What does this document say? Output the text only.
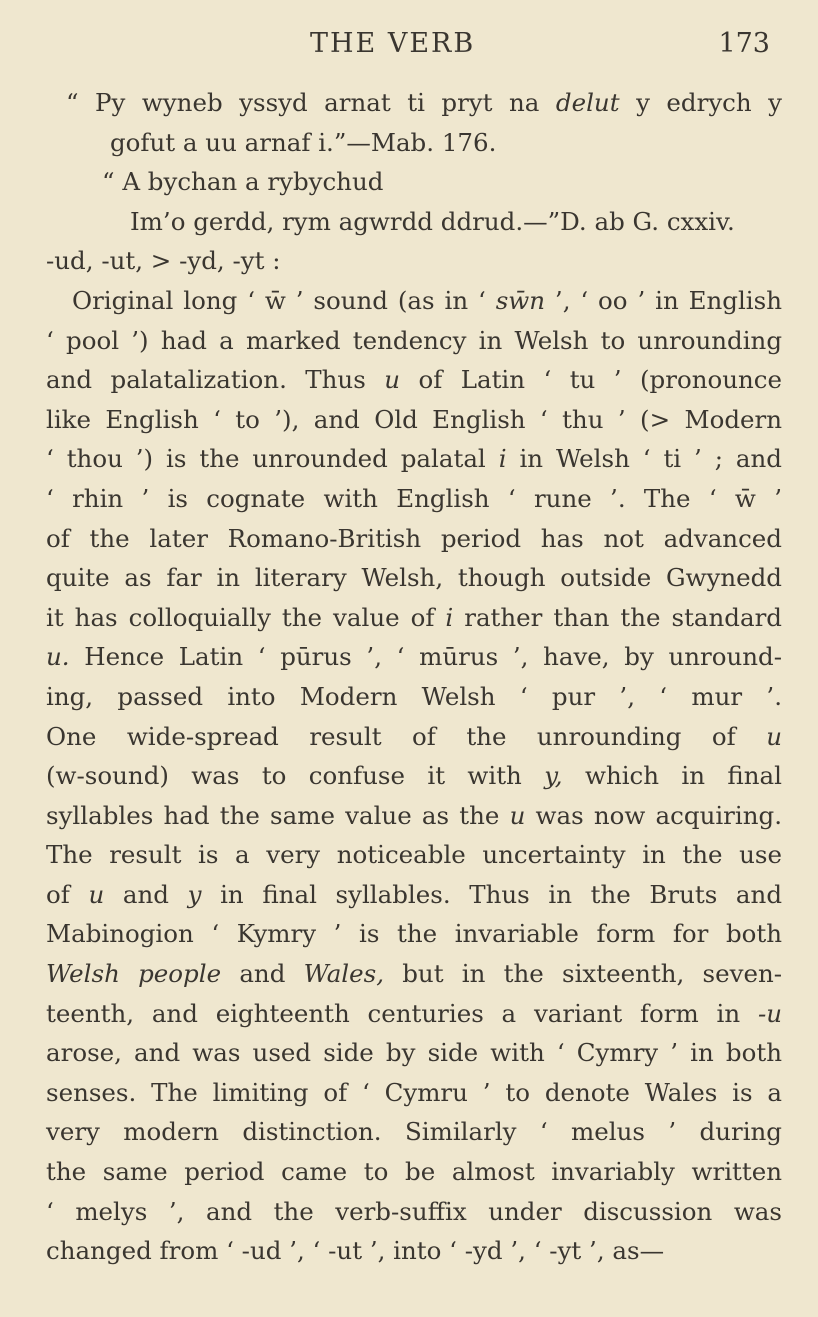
THE VERB	173
“ Py wyneb yssyd arnat ti pryt na delut y edrych y
gofut a uu arnaf i.”—Mab. 176.
“ A bychan a rybychud
Im’o gerdd, rym agwrdd ddrud.—”D. ab G. cxxiv.
-ud, -ut, > -yd, -yt :
Original long ‘ w̄ ’ sound (as in ‘ sw̄n ’, ‘ oo ’ in English
‘ pool ’) had a marked tendency in Welsh to unrounding
and palatalization. Thus u of Latin ‘ tu ’ (pronounce
like English ‘ to ’), and Old English ‘ thu ’ (> Modern
‘ thou ’) is the unrounded palatal i in Welsh ‘ ti ’ ; and
‘ rhin ’ is cognate with English ‘ rune ’. The ‘ w̄ ’
of the later Romano-British period has not advanced
quite as far in literary Welsh, though outside Gwynedd
it has colloquially the value of i rather than the standard
u. Hence Latin ‘ pūrus ’, ‘ mūrus ’, have, by unround-
ing, passed into Modern Welsh ‘ pur ’, ‘ mur ’.
One wide-spread result of the unrounding of u
(w-sound) was to confuse it with y, which in final
syllables had the same value as the u was now acquiring.
The result is a very noticeable uncertainty in the use
of u and y in final syllables. Thus in the Bruts and
Mabinogion ‘ Kymry ’ is the invariable form for both
Welsh people and Wales, but in the sixteenth, seven-
teenth, and eighteenth centuries a variant form in -u
arose, and was used side by side with ‘ Cymry ’ in both
senses. The limiting of ‘ Cymru ’ to denote Wales is a
very modern distinction. Similarly ‘ melus ’ during
the same period came to be almost invariably written
‘ melys ’, and the verb-suffix under discussion was
changed from ‘ -ud ’, ‘ -ut ’, into ‘ -yd ’, ‘ -yt ’, as—
